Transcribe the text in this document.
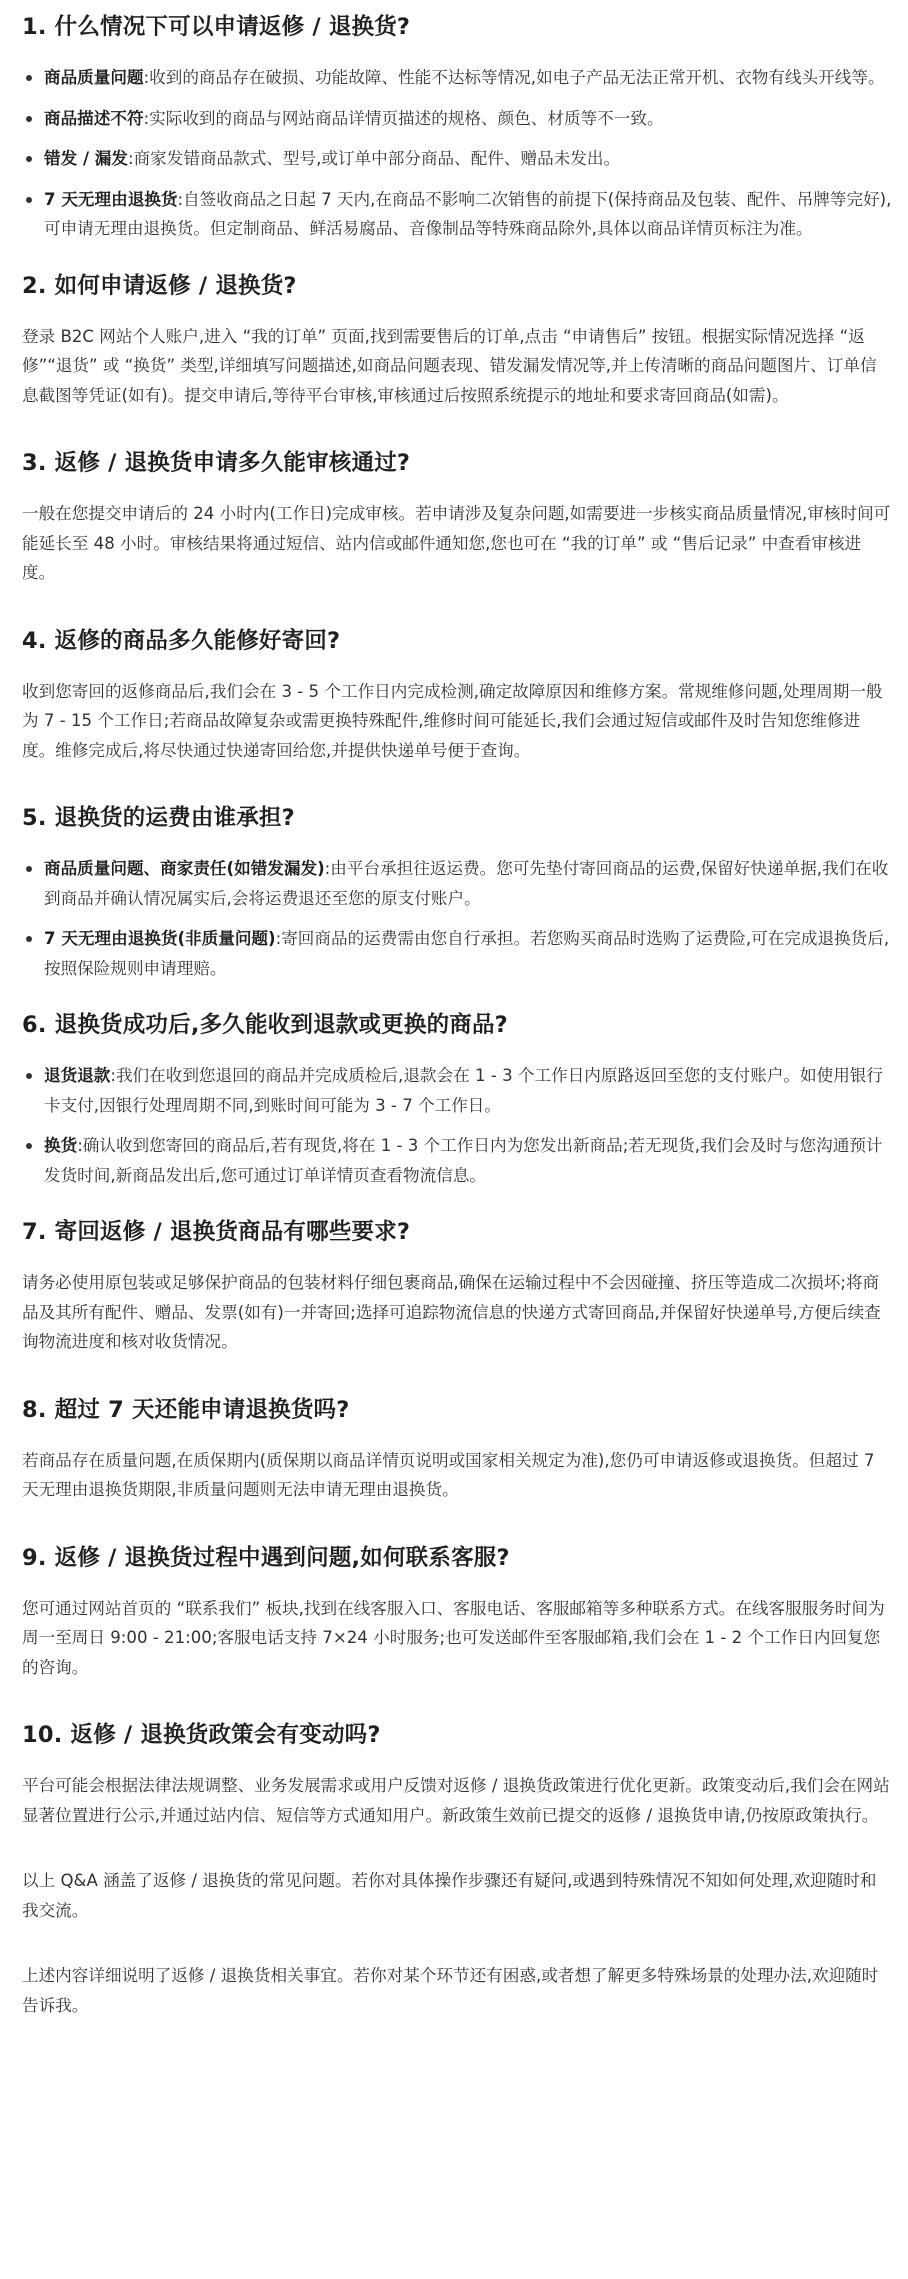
1. 什么情况下可以申请返修 / 退换货?
商品质量问题:收到的商品存在破损、功能故障、性能不达标等情况,如电子产品无法正常开机、衣物有线头开线等。
商品描述不符:实际收到的商品与网站商品详情页描述的规格、颜色、材质等不一致。
错发 / 漏发:商家发错商品款式、型号,或订单中部分商品、配件、赠品未发出。
7 天无理由退换货:自签收商品之日起 7 天内,在商品不影响二次销售的前提下(保持商品及包装、配件、吊牌等完好),可申请无理由退换货。但定制商品、鲜活易腐品、音像制品等特殊商品除外,具体以商品详情页标注为准。
2. 如何申请返修 / 退换货?

登录 B2C 网站个人账户,进入 “我的订单” 页面,找到需要售后的订单,点击 “申请售后” 按钮。根据实际情况选择 “返修”“退货” 或 “换货” 类型,详细填写问题描述,如商品问题表现、错发漏发情况等,并上传清晰的商品问题图片、订单信息截图等凭证(如有)。提交申请后,等待平台审核,审核通过后按照系统提示的地址和要求寄回商品(如需)。

3. 返修 / 退换货申请多久能审核通过?

一般在您提交申请后的 24 小时内(工作日)完成审核。若申请涉及复杂问题,如需要进一步核实商品质量情况,审核时间可能延长至 48 小时。审核结果将通过短信、站内信或邮件通知您,您也可在 “我的订单” 或 “售后记录” 中查看审核进度。

4. 返修的商品多久能修好寄回?

收到您寄回的返修商品后,我们会在 3 - 5 个工作日内完成检测,确定故障原因和维修方案。常规维修问题,处理周期一般为 7 - 15 个工作日;若商品故障复杂或需更换特殊配件,维修时间可能延长,我们会通过短信或邮件及时告知您维修进度。维修完成后,将尽快通过快递寄回给您,并提供快递单号便于查询。

5. 退换货的运费由谁承担?
商品质量问题、商家责任(如错发漏发):由平台承担往返运费。您可先垫付寄回商品的运费,保留好快递单据,我们在收到商品并确认情况属实后,会将运费退还至您的原支付账户。
7 天无理由退换货(非质量问题):寄回商品的运费需由您自行承担。若您购买商品时选购了运费险,可在完成退换货后,按照保险规则申请理赔。
6. 退换货成功后,多久能收到退款或更换的商品?
退货退款:我们在收到您退回的商品并完成质检后,退款会在 1 - 3 个工作日内原路返回至您的支付账户。如使用银行卡支付,因银行处理周期不同,到账时间可能为 3 - 7 个工作日。
换货:确认收到您寄回的商品后,若有现货,将在 1 - 3 个工作日内为您发出新商品;若无现货,我们会及时与您沟通预计发货时间,新商品发出后,您可通过订单详情页查看物流信息。
7. 寄回返修 / 退换货商品有哪些要求?

请务必使用原包装或足够保护商品的包装材料仔细包裹商品,确保在运输过程中不会因碰撞、挤压等造成二次损坏;将商品及其所有配件、赠品、发票(如有)一并寄回;选择可追踪物流信息的快递方式寄回商品,并保留好快递单号,方便后续查询物流进度和核对收货情况。

8. 超过 7 天还能申请退换货吗?

若商品存在质量问题,在质保期内(质保期以商品详情页说明或国家相关规定为准),您仍可申请返修或退换货。但超过 7 天无理由退换货期限,非质量问题则无法申请无理由退换货。

9. 返修 / 退换货过程中遇到问题,如何联系客服?

您可通过网站首页的 “联系我们” 板块,找到在线客服入口、客服电话、客服邮箱等多种联系方式。在线客服服务时间为周一至周日 9:00 - 21:00;客服电话支持 7×24 小时服务;也可发送邮件至客服邮箱,我们会在 1 - 2 个工作日内回复您的咨询。

10. 返修 / 退换货政策会有变动吗?

平台可能会根据法律法规调整、业务发展需求或用户反馈对返修 / 退换货政策进行优化更新。政策变动后,我们会在网站显著位置进行公示,并通过站内信、短信等方式通知用户。新政策生效前已提交的返修 / 退换货申请,仍按原政策执行。

以上 Q&A 涵盖了返修 / 退换货的常见问题。若你对具体操作步骤还有疑问,或遇到特殊情况不知如何处理,欢迎随时和我交流。

上述内容详细说明了返修 / 退换货相关事宜。若你对某个环节还有困惑,或者想了解更多特殊场景的处理办法,欢迎随时告诉我。
